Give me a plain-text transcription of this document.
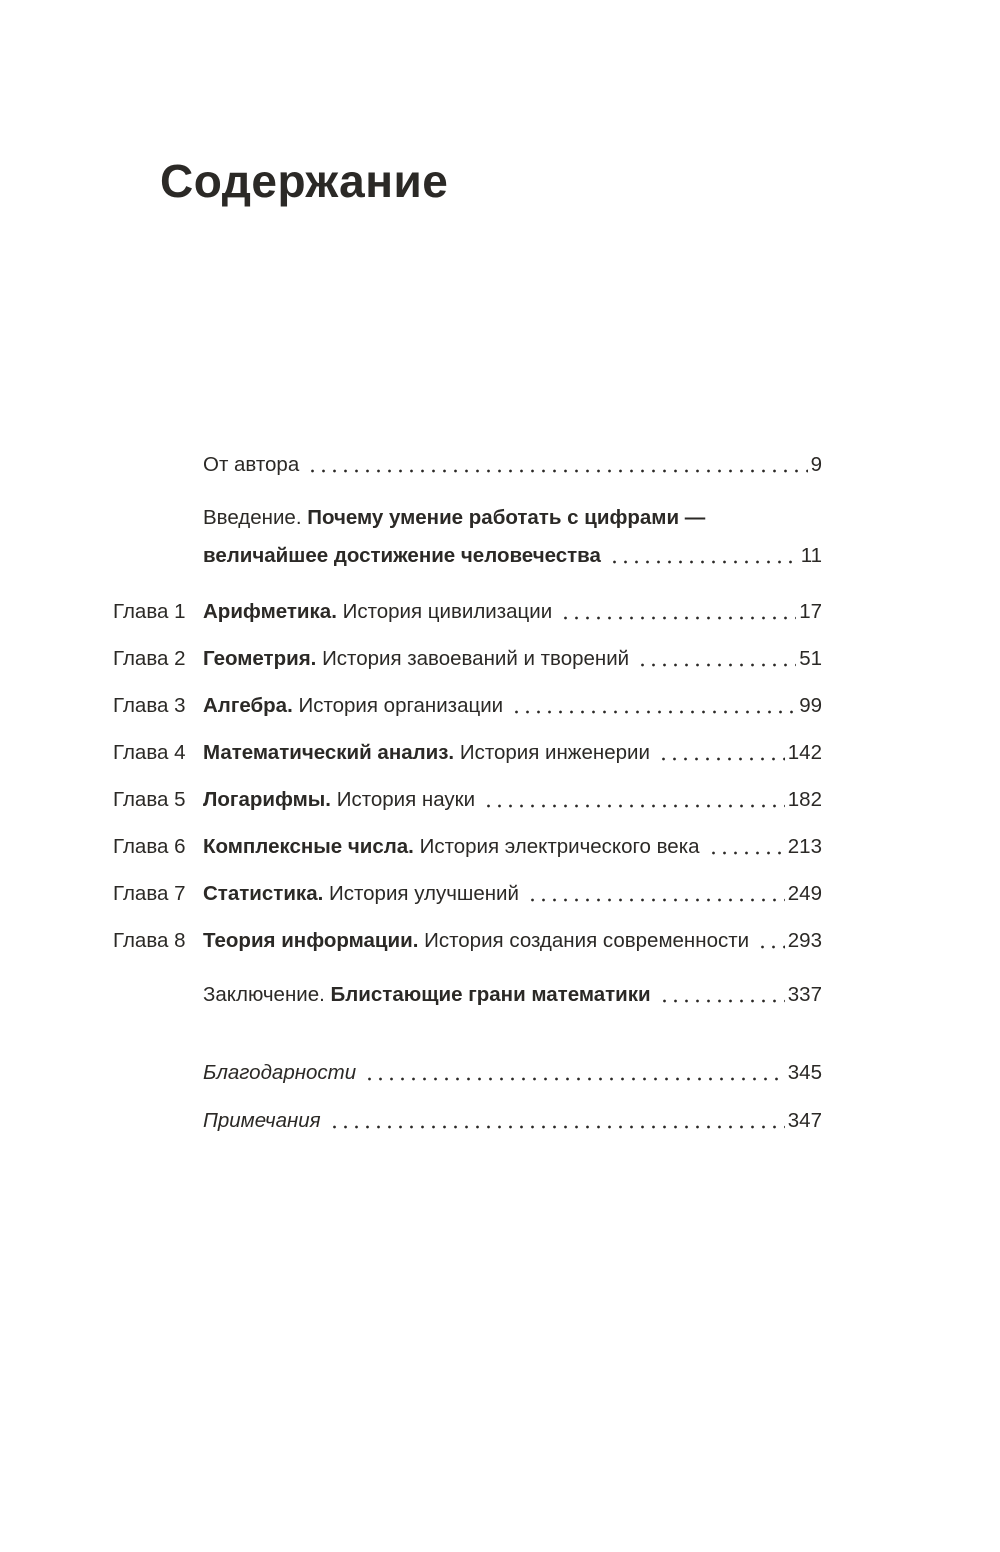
Содержание
От автора	9
Введение. Почему умение работать с цифрами —
величайшее достижение человечества	11
Глава 1 Арифметика. История цивилизации	17
Глава 2 Геометрия. История завоеваний и творений	51
Глава 3 Алгебра. История организации	99
Глава 4 Математический анализ. История инженерии	142
Глава 5 Логарифмы. История науки	182
Глава 6 Комплексные числа. История электрического века	213
Глава 7 Статистика. История улучшений	249
Глава 8 Теория информации. История создания современности 293
Заключение. Блистающие грани математики	337
Благодарности	345
Примечания	347
